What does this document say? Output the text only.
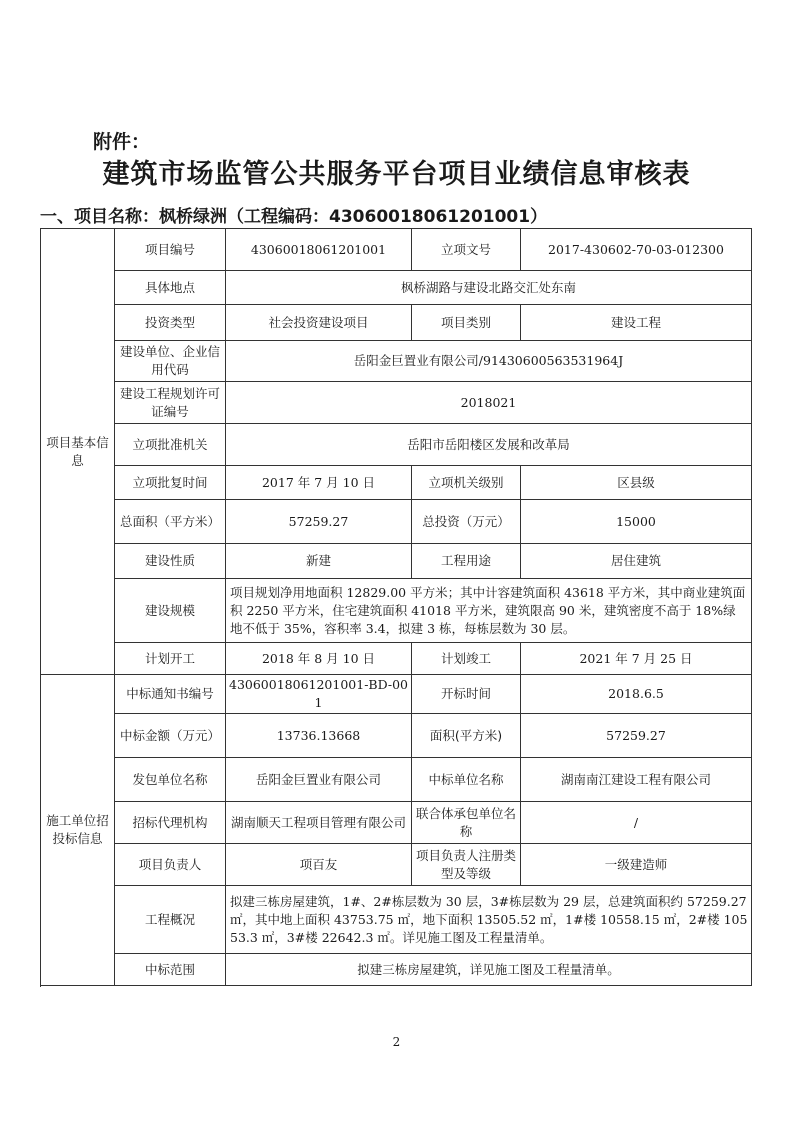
附件：
建筑市场监管公共服务平台项目业绩信息审核表
一、项目名称：枫桥绿洲（工程编码：43060018061201001）
项目基本信息	项目编号	43060018061201001	立项文号	2017-430602-70-03-012300
	具体地点	枫桥湖路与建设北路交汇处东南		
	投资类型	社会投资建设项目	项目类别	建设工程
	建设单位、企业信用代码	岳阳金巨置业有限公司/91430600563531964J		
	建设工程规划许可证编号	2018021		
	立项批准机关	岳阳市岳阳楼区发展和改革局		
	立项批复时间	2017 年 7 月 10 日	立项机关级别	区县级
	总面积（平方米）	57259.27	总投资（万元）	15000
	建设性质	新建	工程用途	居住建筑
	建设规模	项目规划净用地面积 12829.00 平方米；其中计容建筑面积 43618 平方米，其中商业建筑面积 2250 平方米，住宅建筑面积 41018 平方米，建筑限高 90 米，建筑密度不高于 18%绿地不低于 35%，容积率 3.4，拟建 3 栋，每栋层数为 30 层。		
	计划开工	2018 年 8 月 10 日	计划竣工	2021 年 7 月 25 日

施工单位招投标信息	中标通知书编号	43060018061201001-BD-001	开标时间	2018.6.5
	中标金额（万元）	13736.13668	面积(平方米)	57259.27
	发包单位名称	岳阳金巨置业有限公司	中标单位名称	湖南南江建设工程有限公司
	招标代理机构	湖南顺天工程项目管理有限公司	联合体承包单位名称	/
	项目负责人	项百友	项目负责人注册类型及等级	一级建造师
	工程概况	拟建三栋房屋建筑，1#、2#栋层数为 30 层，3#栋层数为 29 层，总建筑面积约 57259.27 ㎡，其中地上面积 43753.75 ㎡，地下面积 13505.52 ㎡，1#楼 10558.15 ㎡，2#楼 10553.3 ㎡，3#楼 22642.3 ㎡。详见施工图及工程量清单。		
	中标范围	拟建三栋房屋建筑，详见施工图及工程量清单。		

2
